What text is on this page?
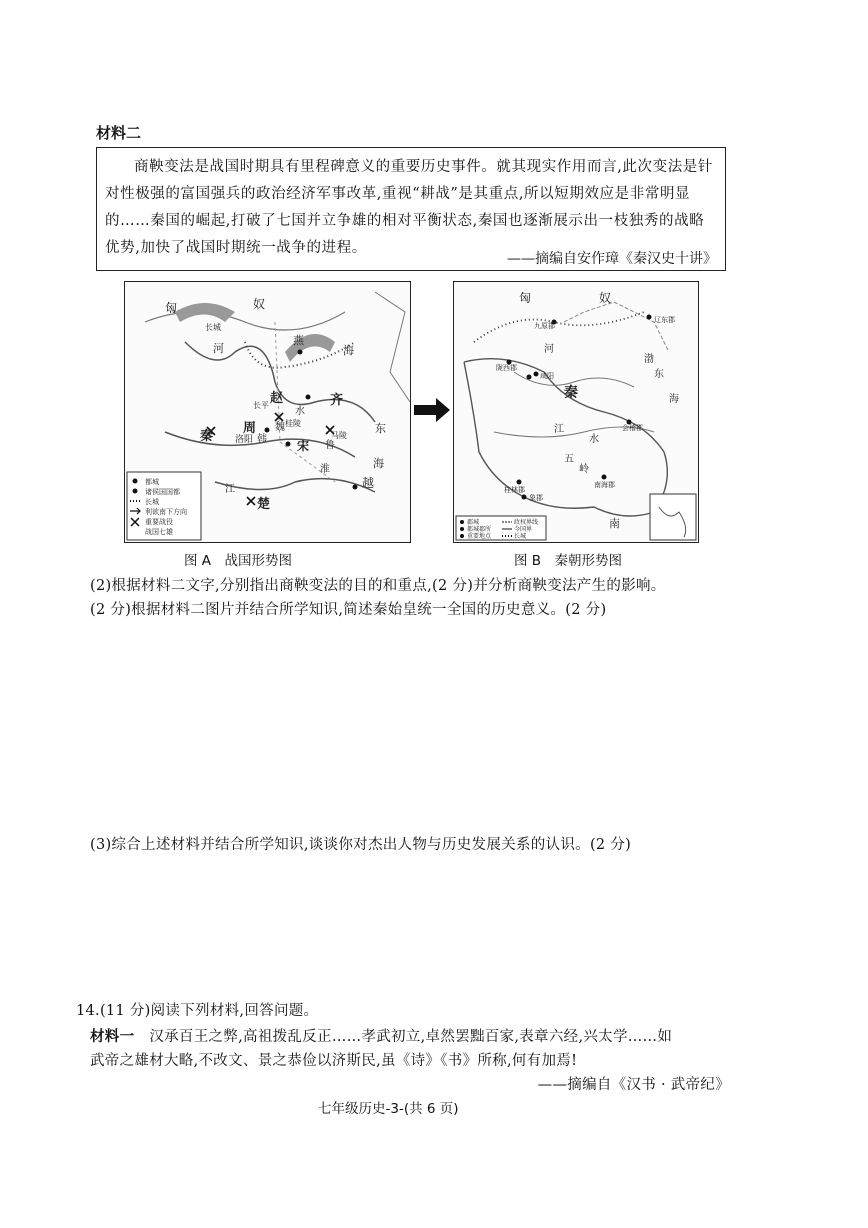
材料二
商鞅变法是战国时期具有里程碑意义的重要历史事件。就其现实作用而言,此次变法是针对性极强的富国强兵的政治经济军事改革,重视“耕战”是其重点,所以短期效应是非常明显的……秦国的崛起,打破了七国并立争雄的相对平衡状态,秦国也逐渐展示出一枝独秀的战略优势,加快了战国时期统一战争的进程。
——摘编自安作璋《秦汉史十讲》
匈	奴
长城
燕
海
赵	齐
河
秦
周 魏
韩
鲁
宋
楚
越
东
海
洛阳
长平
马陵
桂陵
江
水
淮
都城
诸侯国国都
长城
利欲南下方向
重要战役
战国七雄
匈	奴
九原郡
辽东郡
陇西郡
咸阳
秦
会稽郡
南海郡
桂林郡
象郡
河
江
渤
东
海
水
五
岭
南
郡城
都城郡所
重要地点
政权界线
今国界
长城
图 A　战国形势图	图 B　秦朝形势图
(2)根据材料二文字,分别指出商鞅变法的目的和重点,(2 分)并分析商鞅变法产生的影响。
(2 分)根据材料二图片并结合所学知识,简述秦始皇统一全国的历史意义。(2 分)
(3)综合上述材料并结合所学知识,谈谈你对杰出人物与历史发展关系的认识。(2 分)
14.(11 分)阅读下列材料,回答问题。
材料一 汉承百王之弊,高祖拨乱反正……孝武初立,卓然罢黜百家,表章六经,兴太学……如
武帝之雄材大略,不改文、景之恭俭以济斯民,虽《诗》《书》所称,何有加焉!
——摘编自《汉书 · 武帝纪》
七年级历史-3-(共 6 页)
